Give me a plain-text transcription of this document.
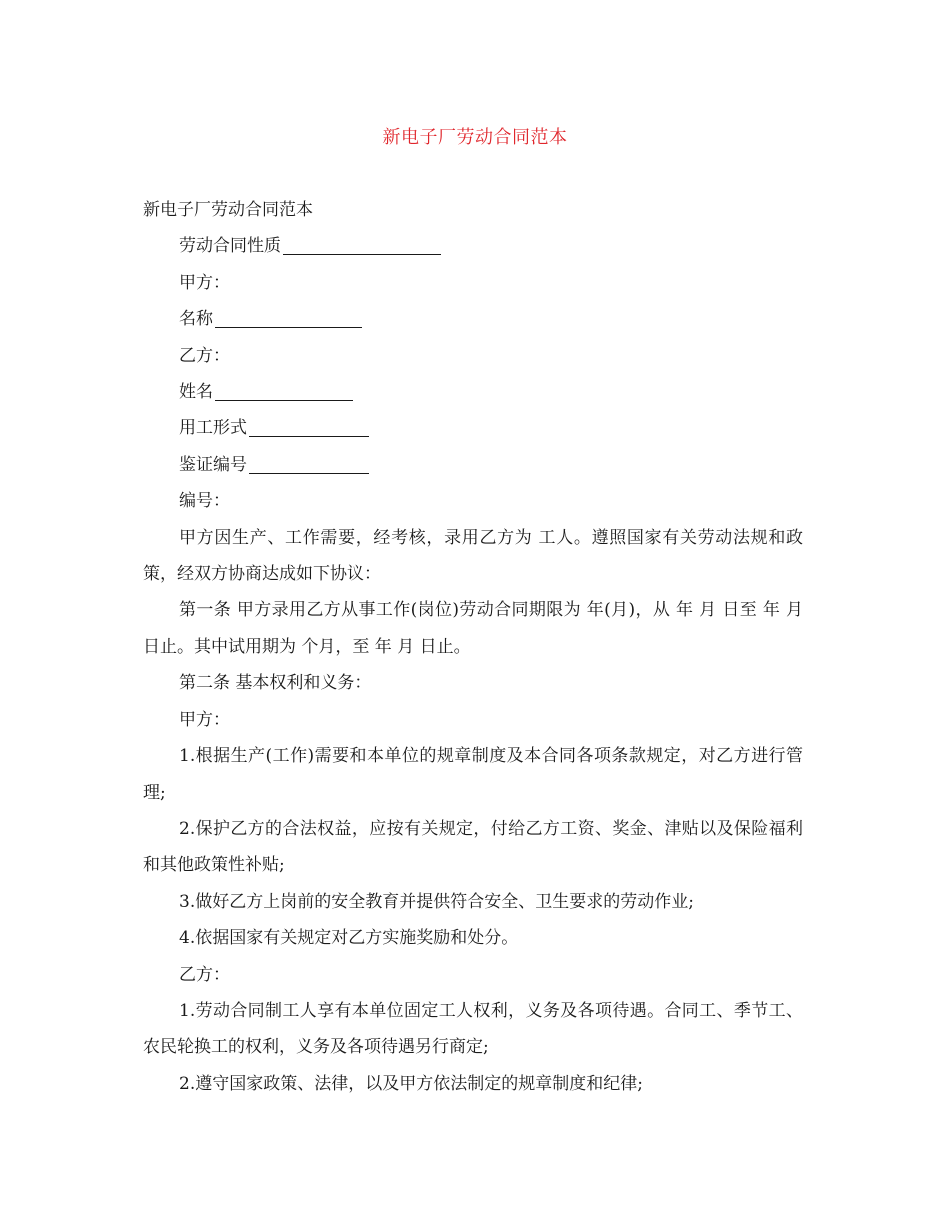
新电子厂劳动合同范本

新电子厂劳动合同范本

劳动合同性质

甲方：

名称

乙方：

姓名

用工形式

鉴证编号

编号：

甲方因生产、工作需要，经考核，录用乙方为 工人。遵照国家有关劳动法规和政策，经双方协商达成如下协议：

第一条 甲方录用乙方从事工作(岗位)劳动合同期限为 年(月)，从 年 月 日至 年 月 日止。其中试用期为 个月，至 年 月 日止。

第二条 基本权利和义务：

甲方：

1.根据生产(工作)需要和本单位的规章制度及本合同各项条款规定，对乙方进行管理;

2.保护乙方的合法权益，应按有关规定，付给乙方工资、奖金、津贴以及保险福利和其他政策性补贴;

3.做好乙方上岗前的安全教育并提供符合安全、卫生要求的劳动作业;

4.依据国家有关规定对乙方实施奖励和处分。

乙方：

1.劳动合同制工人享有本单位固定工人权利，义务及各项待遇。合同工、季节工、农民轮换工的权利，义务及各项待遇另行商定;

2.遵守国家政策、法律，以及甲方依法制定的规章制度和纪律;
